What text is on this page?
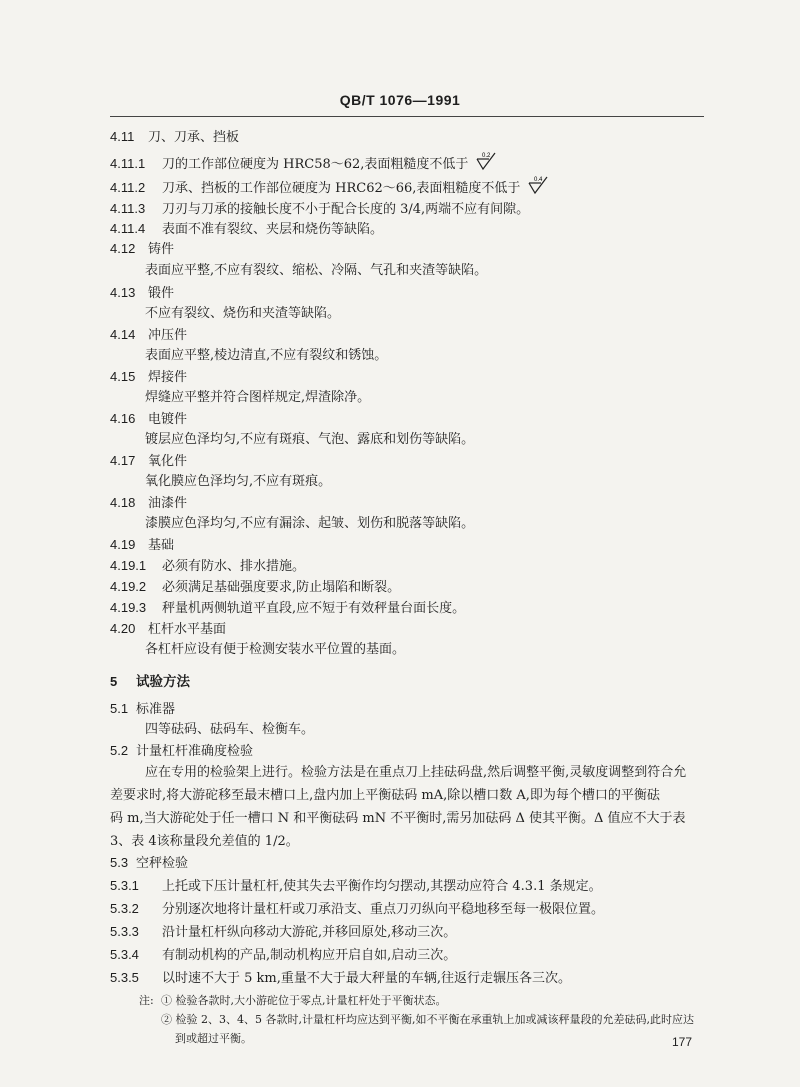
QB/T 1076—1991
4.11 刀、刀承、挡板
4.11.1 刀的工作部位硬度为 HRC58～62,表面粗糙度不低于
0.2
4.11.2 刀承、挡板的工作部位硬度为 HRC62～66,表面粗糙度不低于
0.4
4.11.3 刀刃与刀承的接触长度不小于配合长度的 3/4,两端不应有间隙。
4.11.4 表面不准有裂纹、夹层和烧伤等缺陷。
4.12 铸件
表面应平整,不应有裂纹、缩松、冷隔、气孔和夹渣等缺陷。
4.13 锻件
不应有裂纹、烧伤和夹渣等缺陷。
4.14 冲压件
表面应平整,棱边清直,不应有裂纹和锈蚀。
4.15 焊接件
焊缝应平整并符合图样规定,焊渣除净。
4.16 电镀件
镀层应色泽均匀,不应有斑痕、气泡、露底和划伤等缺陷。
4.17 氧化件
氧化膜应色泽均匀,不应有斑痕。
4.18 油漆件
漆膜应色泽均匀,不应有漏涂、起皱、划伤和脱落等缺陷。
4.19 基础
4.19.1 必须有防水、排水措施。
4.19.2 必须满足基础强度要求,防止塌陷和断裂。
4.19.3 秤量机两侧轨道平直段,应不短于有效秤量台面长度。
4.20 杠杆水平基面
各杠杆应设有便于检测安装水平位置的基面。
5 试验方法
5.1 标准器
四等砝码、砝码车、检衡车。
5.2 计量杠杆准确度检验
应在专用的检验架上进行。检验方法是在重点刀上挂砝码盘,然后调整平衡,灵敏度调整到符合允
差要求时,将大游砣移至最末槽口上,盘内加上平衡砝码 mA,除以槽口数 A,即为每个槽口的平衡砝
码 m,当大游砣处于任一槽口 N 和平衡砝码 mN 不平衡时,需另加砝码 Δ 使其平衡。Δ 值应不大于表
3、表 4该称量段允差值的 1/2。
5.3 空秤检验
5.3.1 上托或下压计量杠杆,使其失去平衡作均匀摆动,其摆动应符合 4.3.1 条规定。
5.3.2 分别逐次地将计量杠杆或刀承沿支、重点刀刃纵向平稳地移至每一极限位置。
5.3.3 沿计量杠杆纵向移动大游砣,并移回原处,移动三次。
5.3.4 有制动机构的产品,制动机构应开启自如,启动三次。
5.3.5 以时速不大于 5 km,重量不大于最大秤量的车辆,往返行走辗压各三次。
注: ① 检验各款时,大小游砣位于零点,计量杠杆处于平衡状态。
② 检验 2、3、4、5 各款时,计量杠杆均应达到平衡,如不平衡在承重轨上加或减该秤量段的允差砝码,此时应达
到或超过平衡。	177
